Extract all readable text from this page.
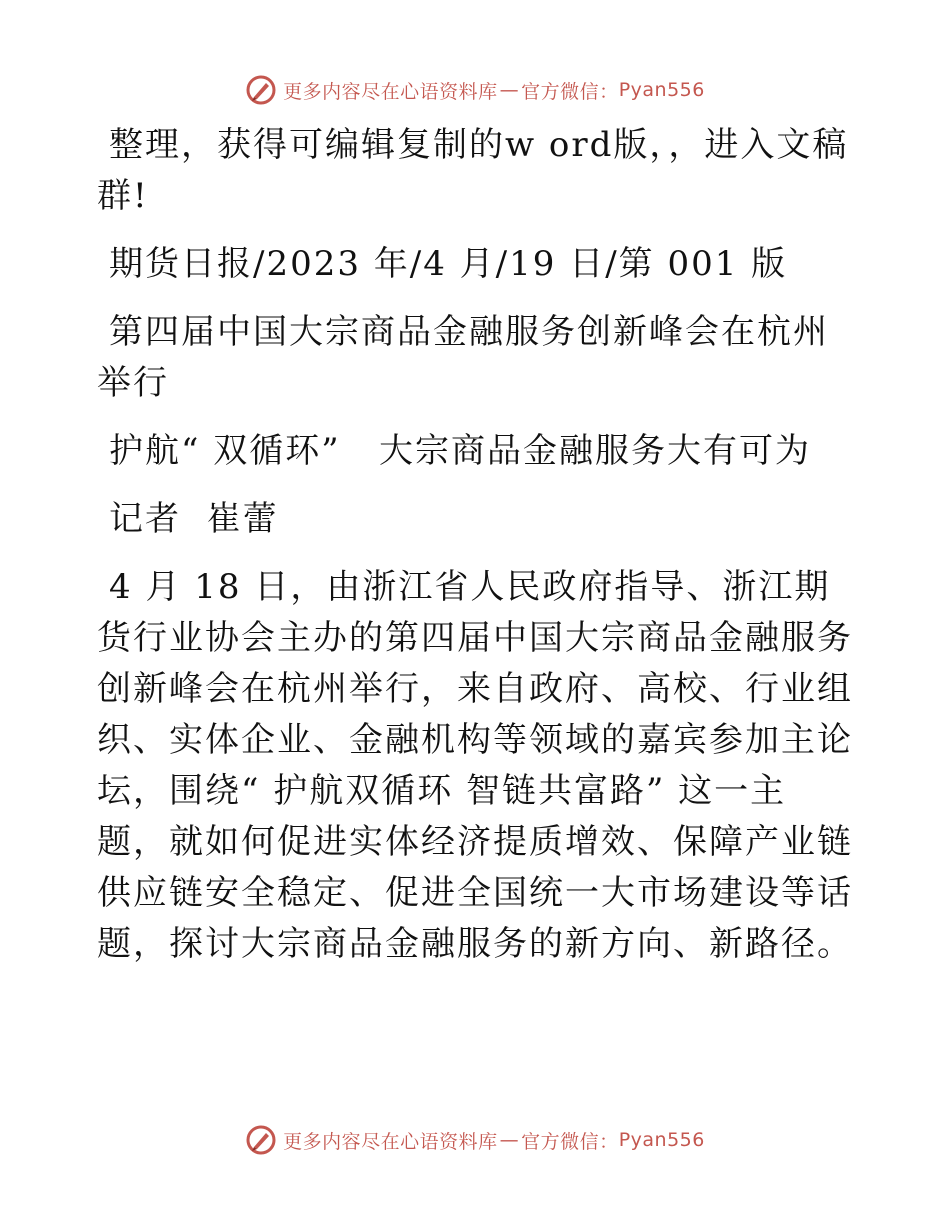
更多内容尽在心语资料库 — 官方微信： Pyan556

整理，获得可编辑复制的w ord版，，进入文稿群!

期货日报/2023 年/4 月/19 日/第 001 版

第四届中国大宗商品金融服务创新峰会在杭州举行

护航“ 双循环”   大宗商品金融服务大有可为

记者  崔蕾

4 月 18 日，由浙江省人民政府指导、浙江期货行业协会主办的第四届中国大宗商品金融服务创新峰会在杭州举行，来自政府、高校、行业组织、实体企业、金融机构等领域的嘉宾参加主论坛，围绕“ 护航双循环 智链共富路” 这一主题，就如何促进实体经济提质增效、保障产业链供应链安全稳定、促进全国统一大市场建设等话题，探讨大宗商品金融服务的新方向、新路径。

更多内容尽在心语资料库 — 官方微信： Pyan556
